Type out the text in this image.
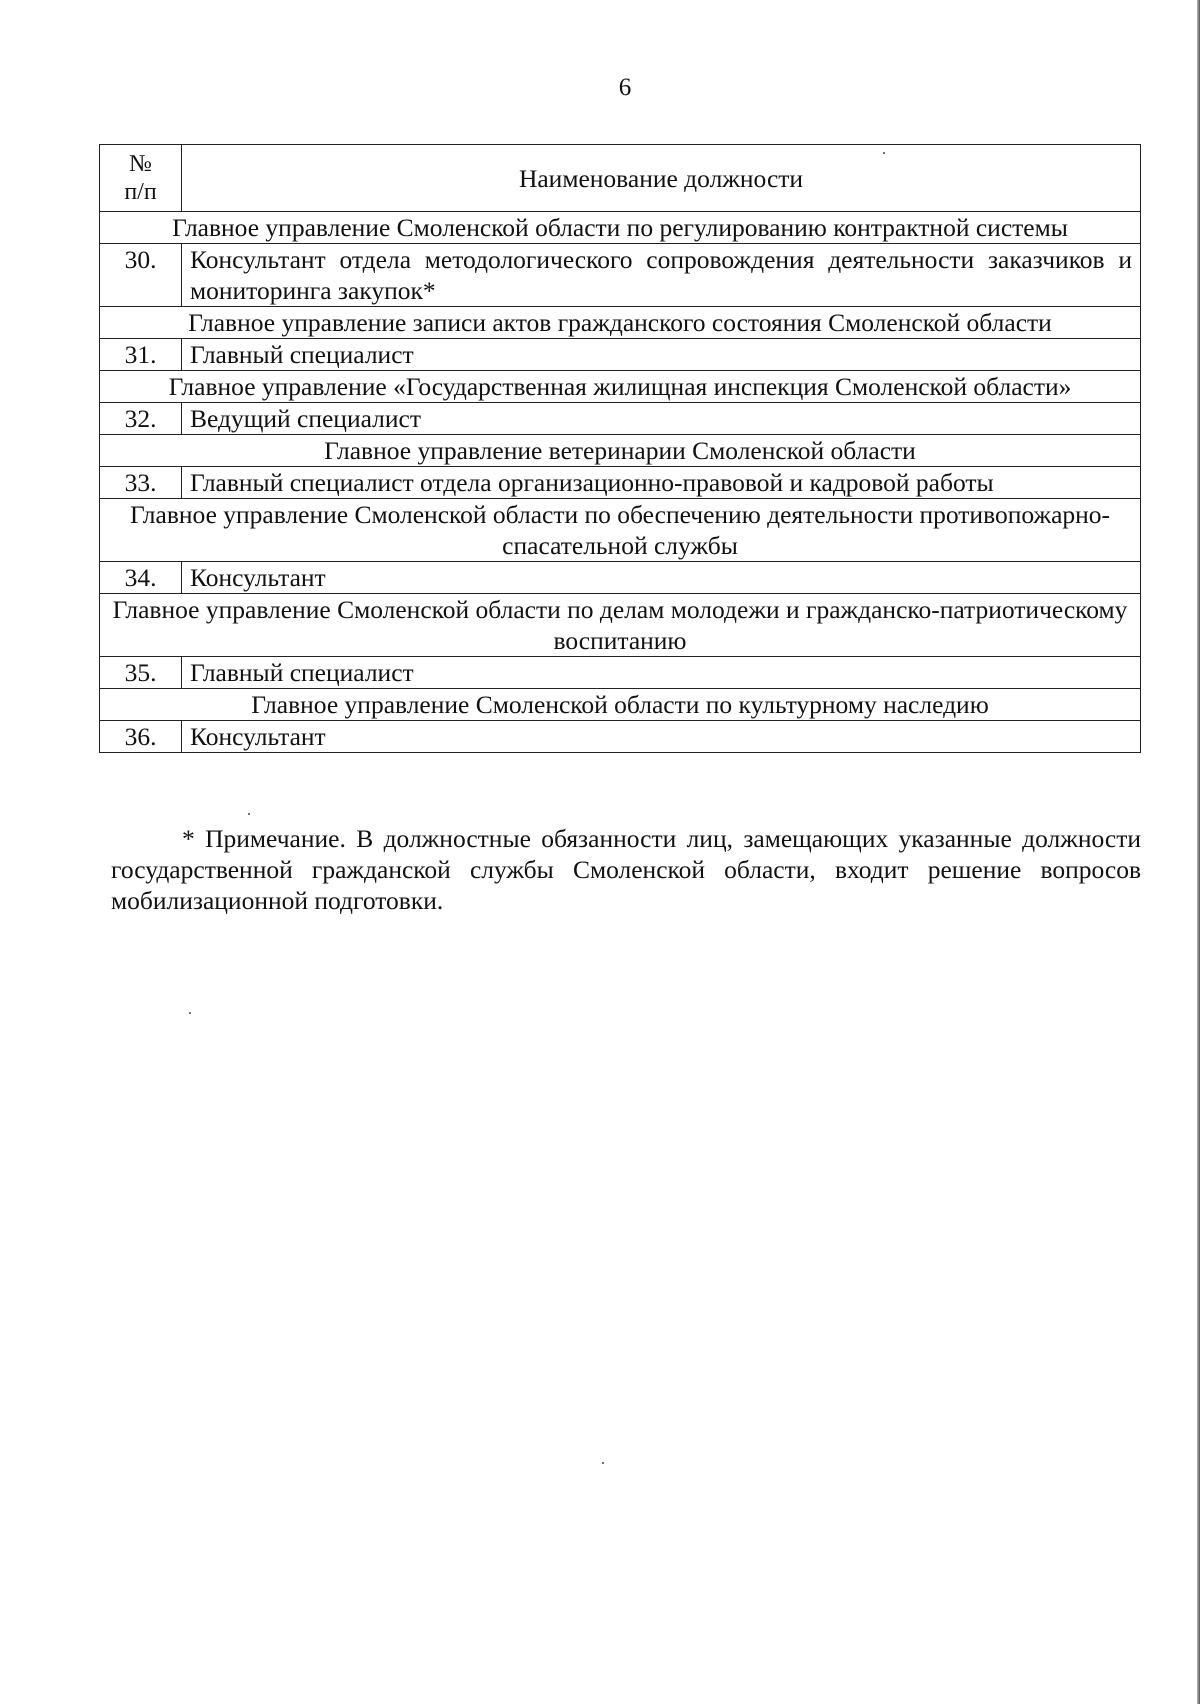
6
№
п/п	Наименование должности
Главное управление Смоленской области по регулированию контрактной системы	
30.	Консультант отдела методологического сопровождения деятельности заказчиков и мониторинга закупок*
Главное управление записи актов гражданского состояния Смоленской области	
31.	Главный специалист
Главное управление «Государственная жилищная инспекция Смоленской области»	
32.	Ведущий специалист
Главное управление ветеринарии Смоленской области	
33.	Главный специалист отдела организационно-правовой и кадровой работы
Главное управление Смоленской области по обеспечению деятельности противопожарно-спасательной службы	
34.	Консультант
Главное управление Смоленской области по делам молодежи и гражданско-патриотическому воспитанию	
35.	Главный специалист
Главное управление Смоленской области по культурному наследию	
36.	Консультант

* Примечание. В должностные обязанности лиц, замещающих указанные должности государственной гражданской службы Смоленской области, входит решение вопросов мобилизационной подготовки.
